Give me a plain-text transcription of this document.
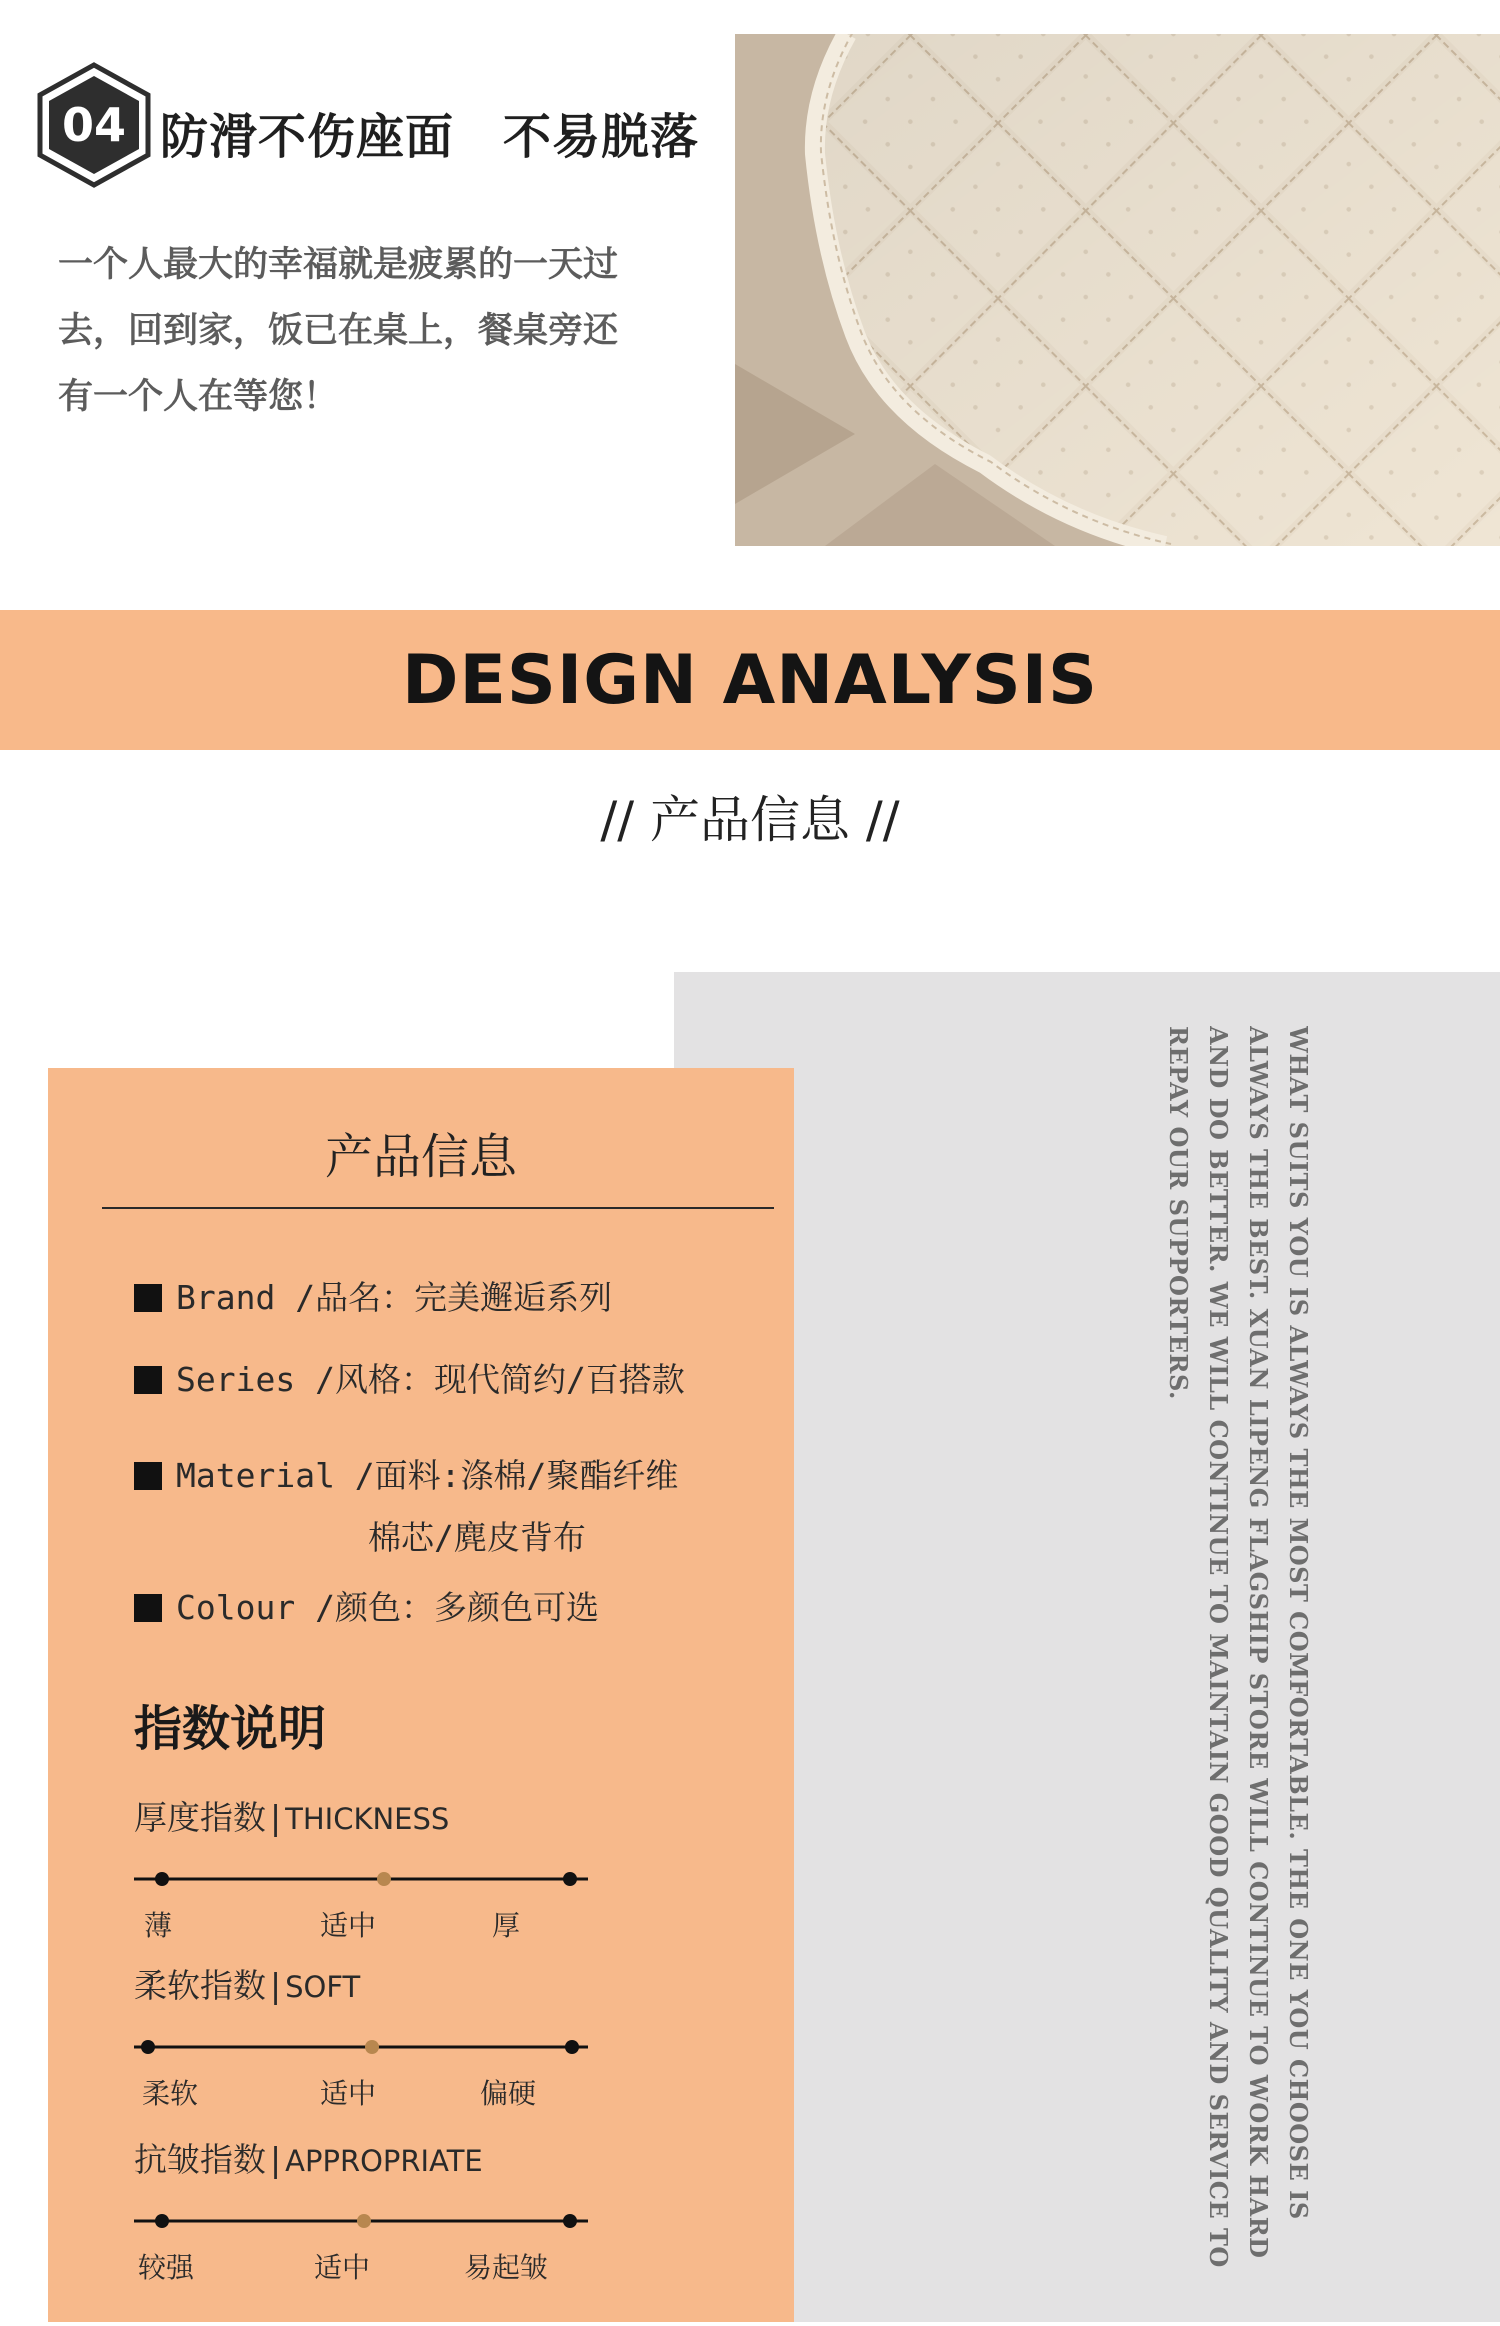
04 防滑不伤座面　不易脱落
一个人最大的幸福就是疲累的一天过
去，回到家，饭已在桌上，餐桌旁还
有一个人在等您！
DESIGN ANALYSIS
// 产品信息 //
WHAT SUITS YOU IS ALWAYS THE MOST COMFORTABLE. THE ONE YOU CHOOSE IS ALWAYS THE BEST. XUAN LIPENG FLAGSHIP STORE WILL CONTINUE TO WORK HARD AND DO BETTER. WE WILL CONTINUE TO MAINTAIN GOOD QUALITY AND SERVICE TO REPAY OUR SUPPORTERS.
产品信息
Brand /品名：完美邂逅系列
Series /风格：现代简约/百搭款
Material /面料:涤棉/聚酯纤维
棉芯/麂皮背布
Colour /颜色：多颜色可选
指数说明
厚度指数 | THICKNESS
薄	适中	厚
柔软指数 | SOFT
柔软	适中	偏硬
抗皱指数 | APPROPRIATE
较强	适中	易起皱
